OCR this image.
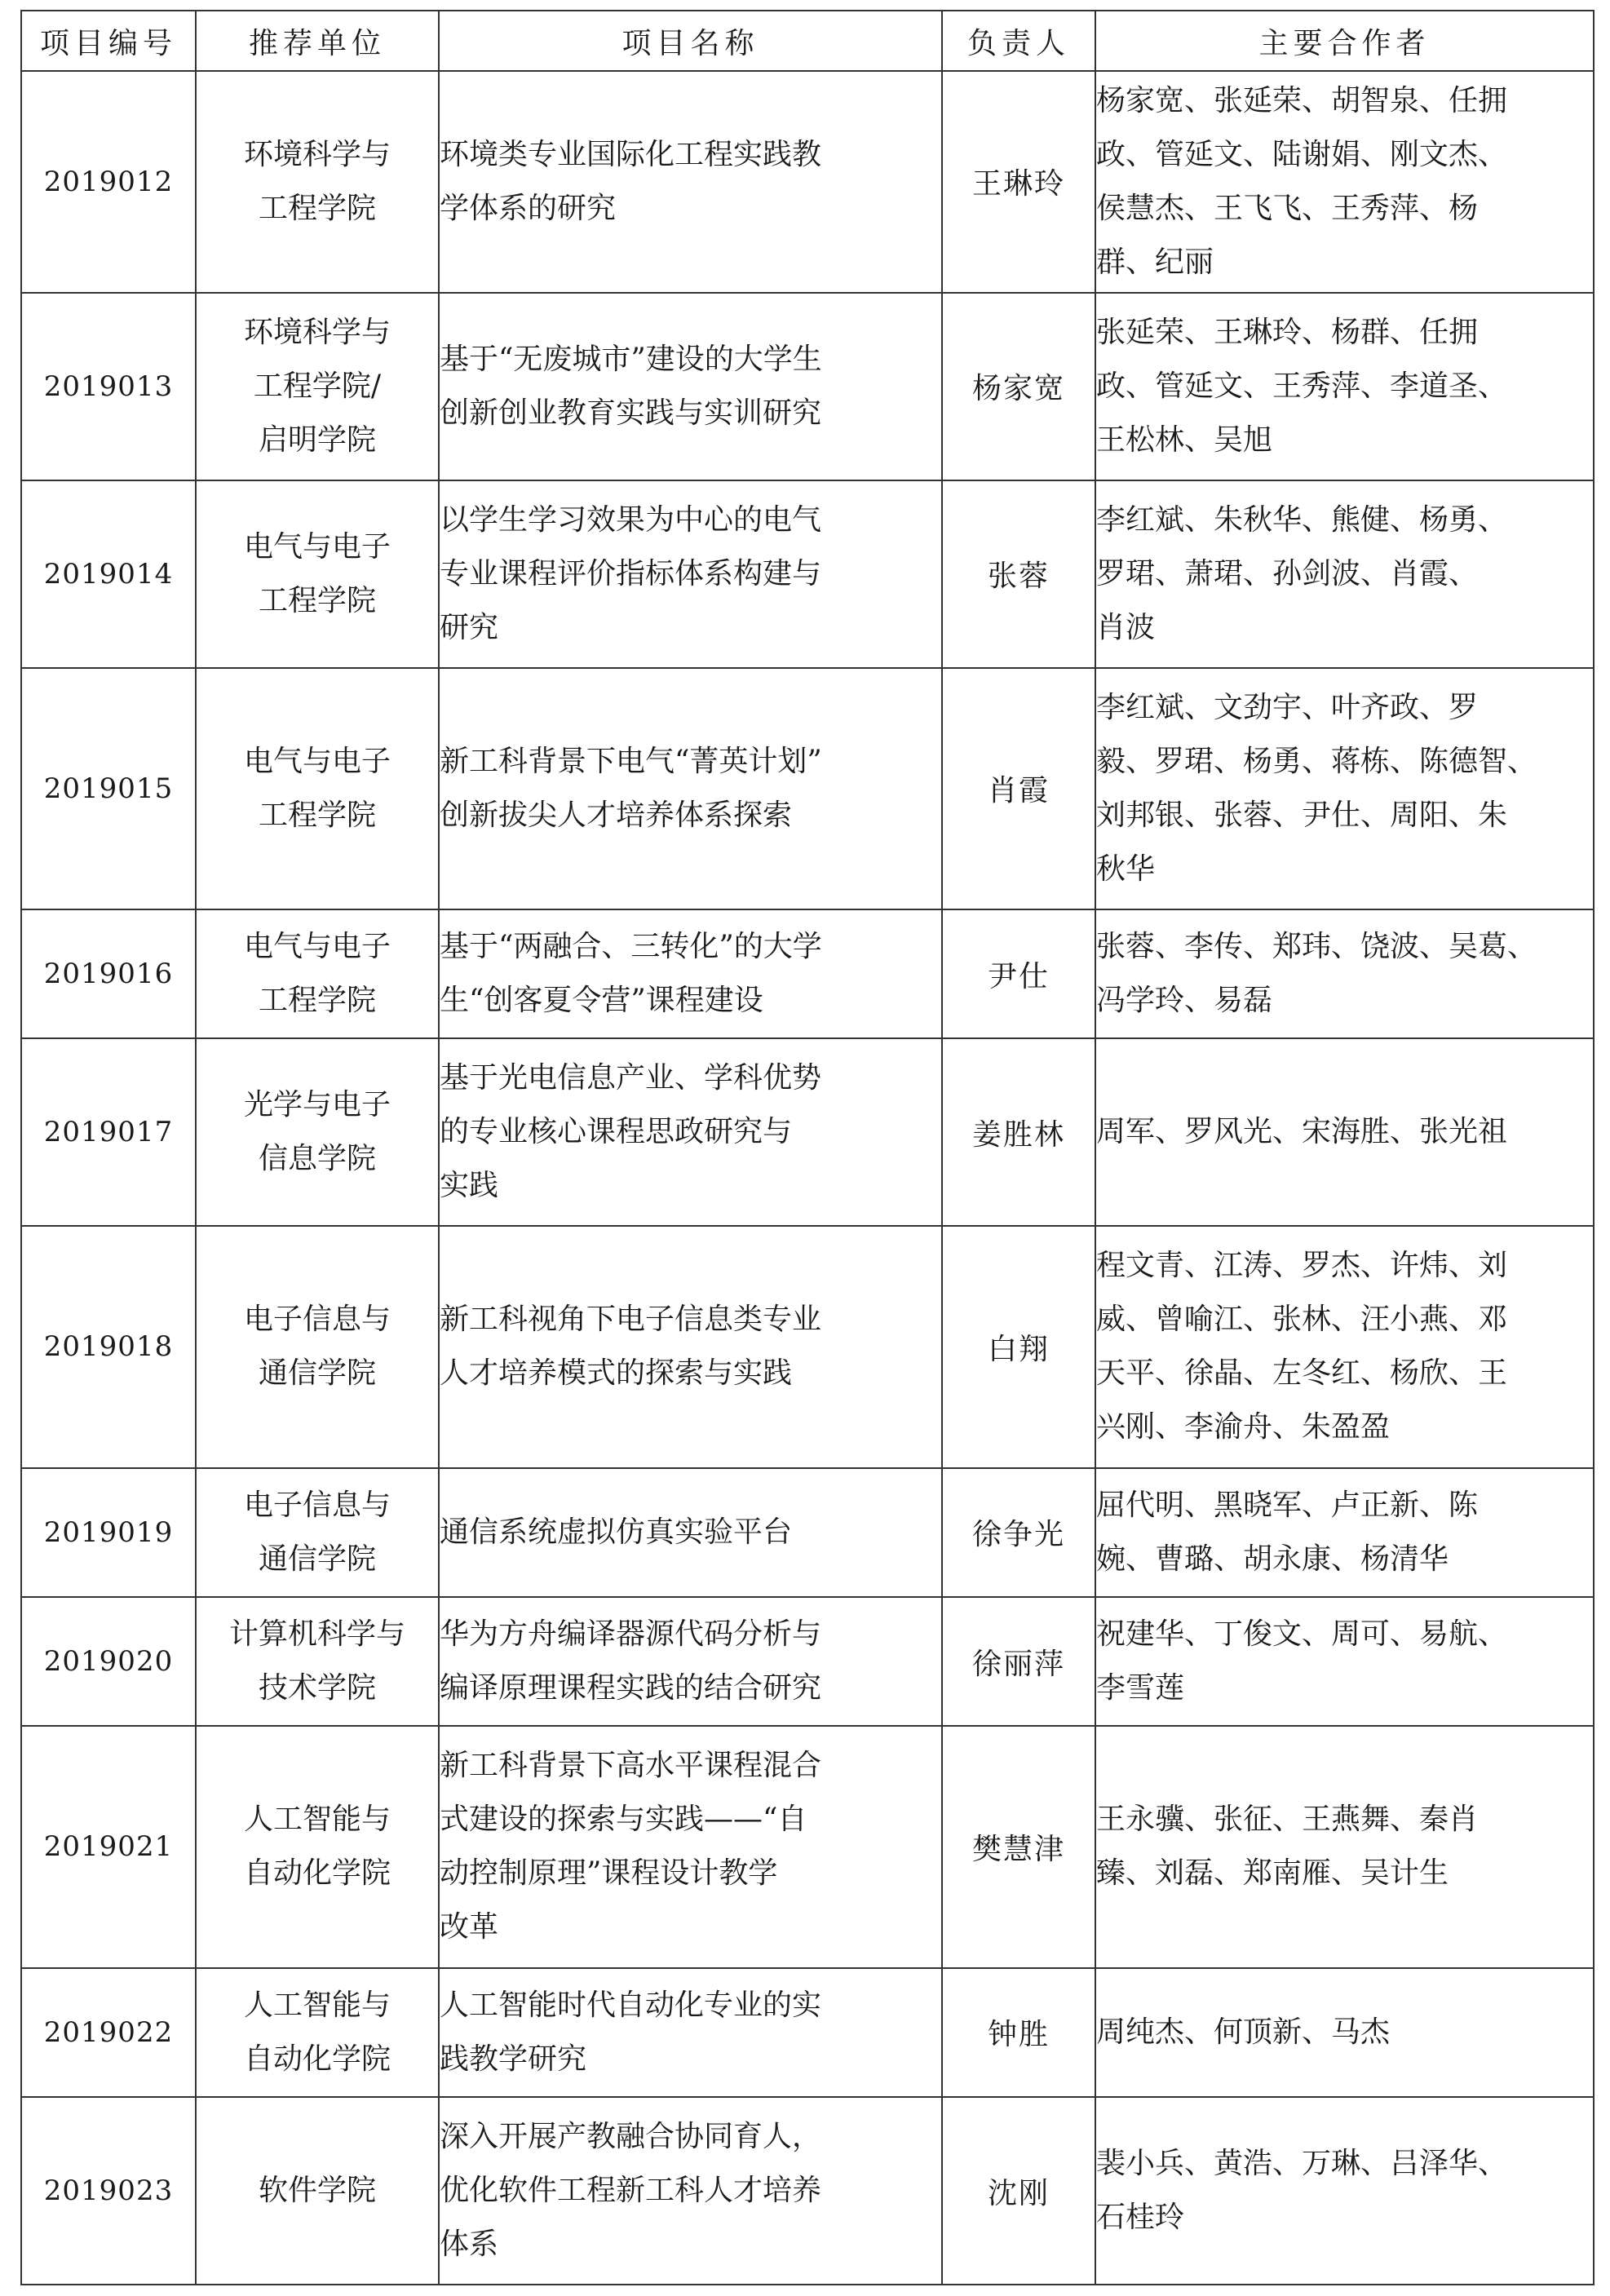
项目编号	推荐单位	项目名称	负责人	主要合作者
2019012	环境科学与
工程学院	环境类专业国际化工程实践教
学体系的研究	王琳玲	杨家宽、张延荣、胡智泉、任拥
政、管延文、陆谢娟、刚文杰、
侯慧杰、王飞飞、王秀萍、杨
群、纪丽

2019013	环境科学与
工程学院/
启明学院	基于“无废城市”建设的大学生
创新创业教育实践与实训研究	杨家宽	张延荣、王琳玲、杨群、任拥
政、管延文、王秀萍、李道圣、
王松林、吴旭

2019014	电气与电子
工程学院	以学生学习效果为中心的电气
专业课程评价指标体系构建与
研究	张蓉	李红斌、朱秋华、熊健、杨勇、
罗珺、萧珺、孙剑波、肖霞、
肖波

2019015	电气与电子
工程学院	新工科背景下电气“菁英计划”
创新拔尖人才培养体系探索	肖霞	李红斌、文劲宇、叶齐政、罗
毅、罗珺、杨勇、蒋栋、陈德智、
刘邦银、张蓉、尹仕、周阳、朱
秋华

2019016	电气与电子
工程学院	基于“两融合、三转化”的大学
生“创客夏令营”课程建设	尹仕	张蓉、李传、郑玮、饶波、吴葛、
冯学玲、易磊

2019017	光学与电子
信息学院	基于光电信息产业、学科优势
的专业核心课程思政研究与
实践	姜胜林	周军、罗风光、宋海胜、张光祖

2019018	电子信息与
通信学院	新工科视角下电子信息类专业
人才培养模式的探索与实践	白翔	程文青、江涛、罗杰、许炜、刘
威、曾喻江、张林、汪小燕、邓
天平、徐晶、左冬红、杨欣、王
兴刚、李渝舟、朱盈盈

2019019	电子信息与
通信学院	通信系统虚拟仿真实验平台	徐争光	屈代明、黑晓军、卢正新、陈
婉、曹璐、胡永康、杨清华

2019020	计算机科学与
技术学院	华为方舟编译器源代码分析与
编译原理课程实践的结合研究	徐丽萍	祝建华、丁俊文、周可、易航、
李雪莲

2019021	人工智能与
自动化学院	新工科背景下高水平课程混合
式建设的探索与实践——“自
动控制原理”课程设计教学
改革	樊慧津	王永骥、张征、王燕舞、秦肖
臻、刘磊、郑南雁、吴计生

2019022	人工智能与
自动化学院	人工智能时代自动化专业的实
践教学研究	钟胜	周纯杰、何顶新、马杰

2019023	软件学院	深入开展产教融合协同育人，
优化软件工程新工科人才培养
体系	沈刚	裴小兵、黄浩、万琳、吕泽华、
石桂玲
